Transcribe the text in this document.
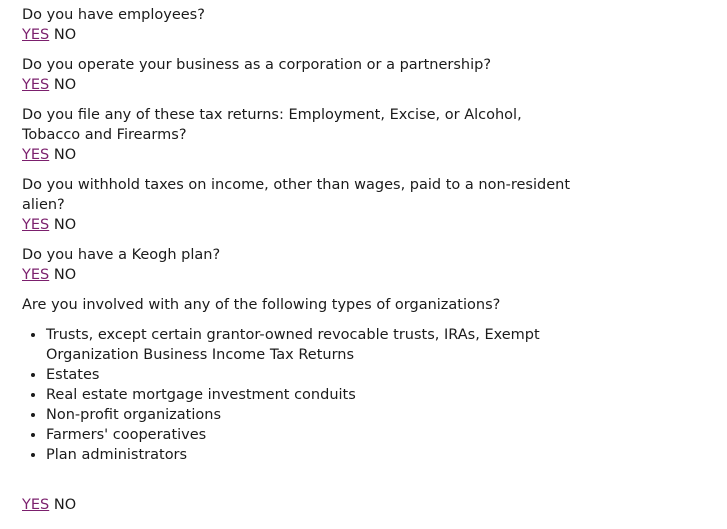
Do you have employees?
YES NO
Do you operate your business as a corporation or a partnership?
YES NO
Do you file any of these tax returns: Employment, Excise, or Alcohol, Tobacco and Firearms?
YES NO
Do you withhold taxes on income, other than wages, paid to a non-resident alien?
YES NO
Do you have a Keogh plan?
YES NO
Are you involved with any of the following types of organizations?
• Trusts, except certain grantor-owned revocable trusts, IRAs, Exempt Organization Business Income Tax Returns
• Estates
• Real estate mortgage investment conduits
• Non-profit organizations
• Farmers' cooperatives
• Plan administrators
YES NO
